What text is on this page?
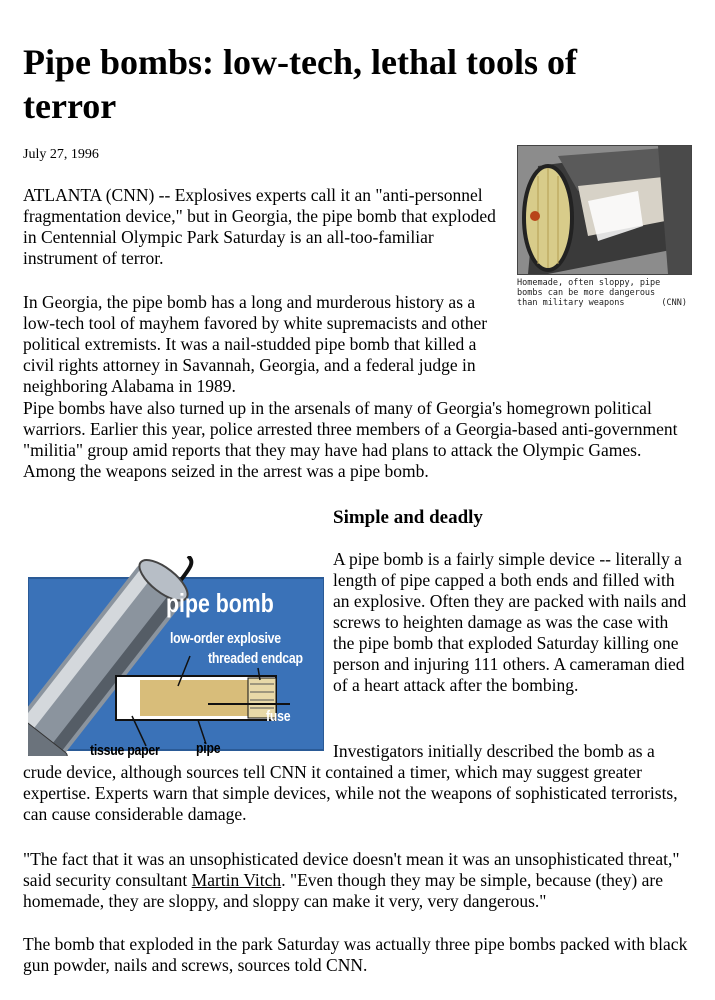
Pipe bombs: low-tech, lethal tools of terror
July 27, 1996
Homemade, often sloppy, pipe
bombs can be more dangerous
than military weapons	(CNN)

ATLANTA (CNN) -- Explosives experts call it an "anti-personnel fragmentation device," but in Georgia, the pipe bomb that exploded in Centennial Olympic Park Saturday is an all-too-familiar instrument of terror.

In Georgia, the pipe bomb has a long and murderous history as a low-tech tool of mayhem favored by white supremacists and other political extremists. It was a nail-studded pipe bomb that killed a civil rights attorney in Savannah, Georgia, and a federal judge in neighboring Alabama in 1989.

Pipe bombs have also turned up in the arsenals of many of Georgia's homegrown political warriors. Earlier this year, police arrested three members of a Georgia-based anti-government "militia" group amid reports that they may have had plans to attack the Olympic Games. Among the weapons seized in the arrest was a pipe bomb.

Simple and deadly
pipe bomb
low-order explosive
threaded endcap
fuse
tissue paper pipe

A pipe bomb is a fairly simple device -- literally a length of pipe capped a both ends and filled with an explosive. Often they are packed with nails and screws to heighten damage as was the case with the pipe bomb that exploded Saturday killing one person and injuring 111 others. A cameraman died of a heart attack after the bombing.

Investigators initially described the bomb as a crude device, although sources tell CNN it contained a timer, which may suggest greater expertise. Experts warn that simple devices, while not the weapons of sophisticated terrorists, can cause considerable damage.

"The fact that it was an unsophisticated device doesn't mean it was an unsophisticated threat," said security consultant Martin Vitch. "Even though they may be simple, because (they) are homemade, they are sloppy, and sloppy can make it very, very dangerous."

The bomb that exploded in the park Saturday was actually three pipe bombs packed with black gun powder, nails and screws, sources told CNN.
